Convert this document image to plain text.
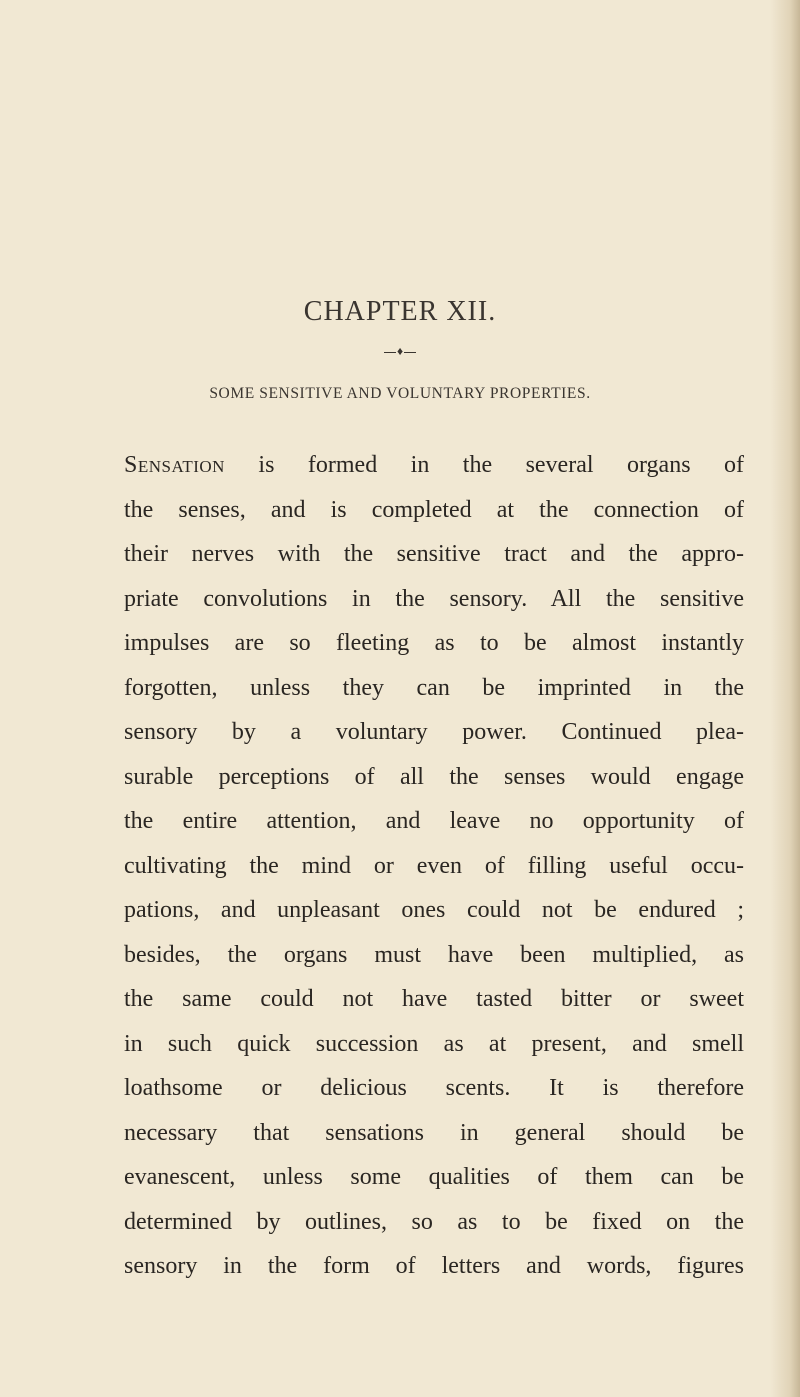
CHAPTER XII.
♦
SOME SENSITIVE AND VOLUNTARY PROPERTIES.
Sensation is formed in the several organs of
the senses, and is completed at the connection of
their nerves with the sensitive tract and the appro-
priate convolutions in the sensory. All the sensitive
impulses are so fleeting as to be almost instantly
forgotten, unless they can be imprinted in the
sensory by a voluntary power. Continued plea-
surable perceptions of all the senses would engage
the entire attention, and leave no opportunity of
cultivating the mind or even of filling useful occu-
pations, and unpleasant ones could not be endured ;
besides, the organs must have been multiplied, as
the same could not have tasted bitter or sweet
in such quick succession as at present, and smell
loathsome or delicious scents. It is therefore
necessary that sensations in general should be
evanescent, unless some qualities of them can be
determined by outlines, so as to be fixed on the
sensory in the form of letters and words, figures
